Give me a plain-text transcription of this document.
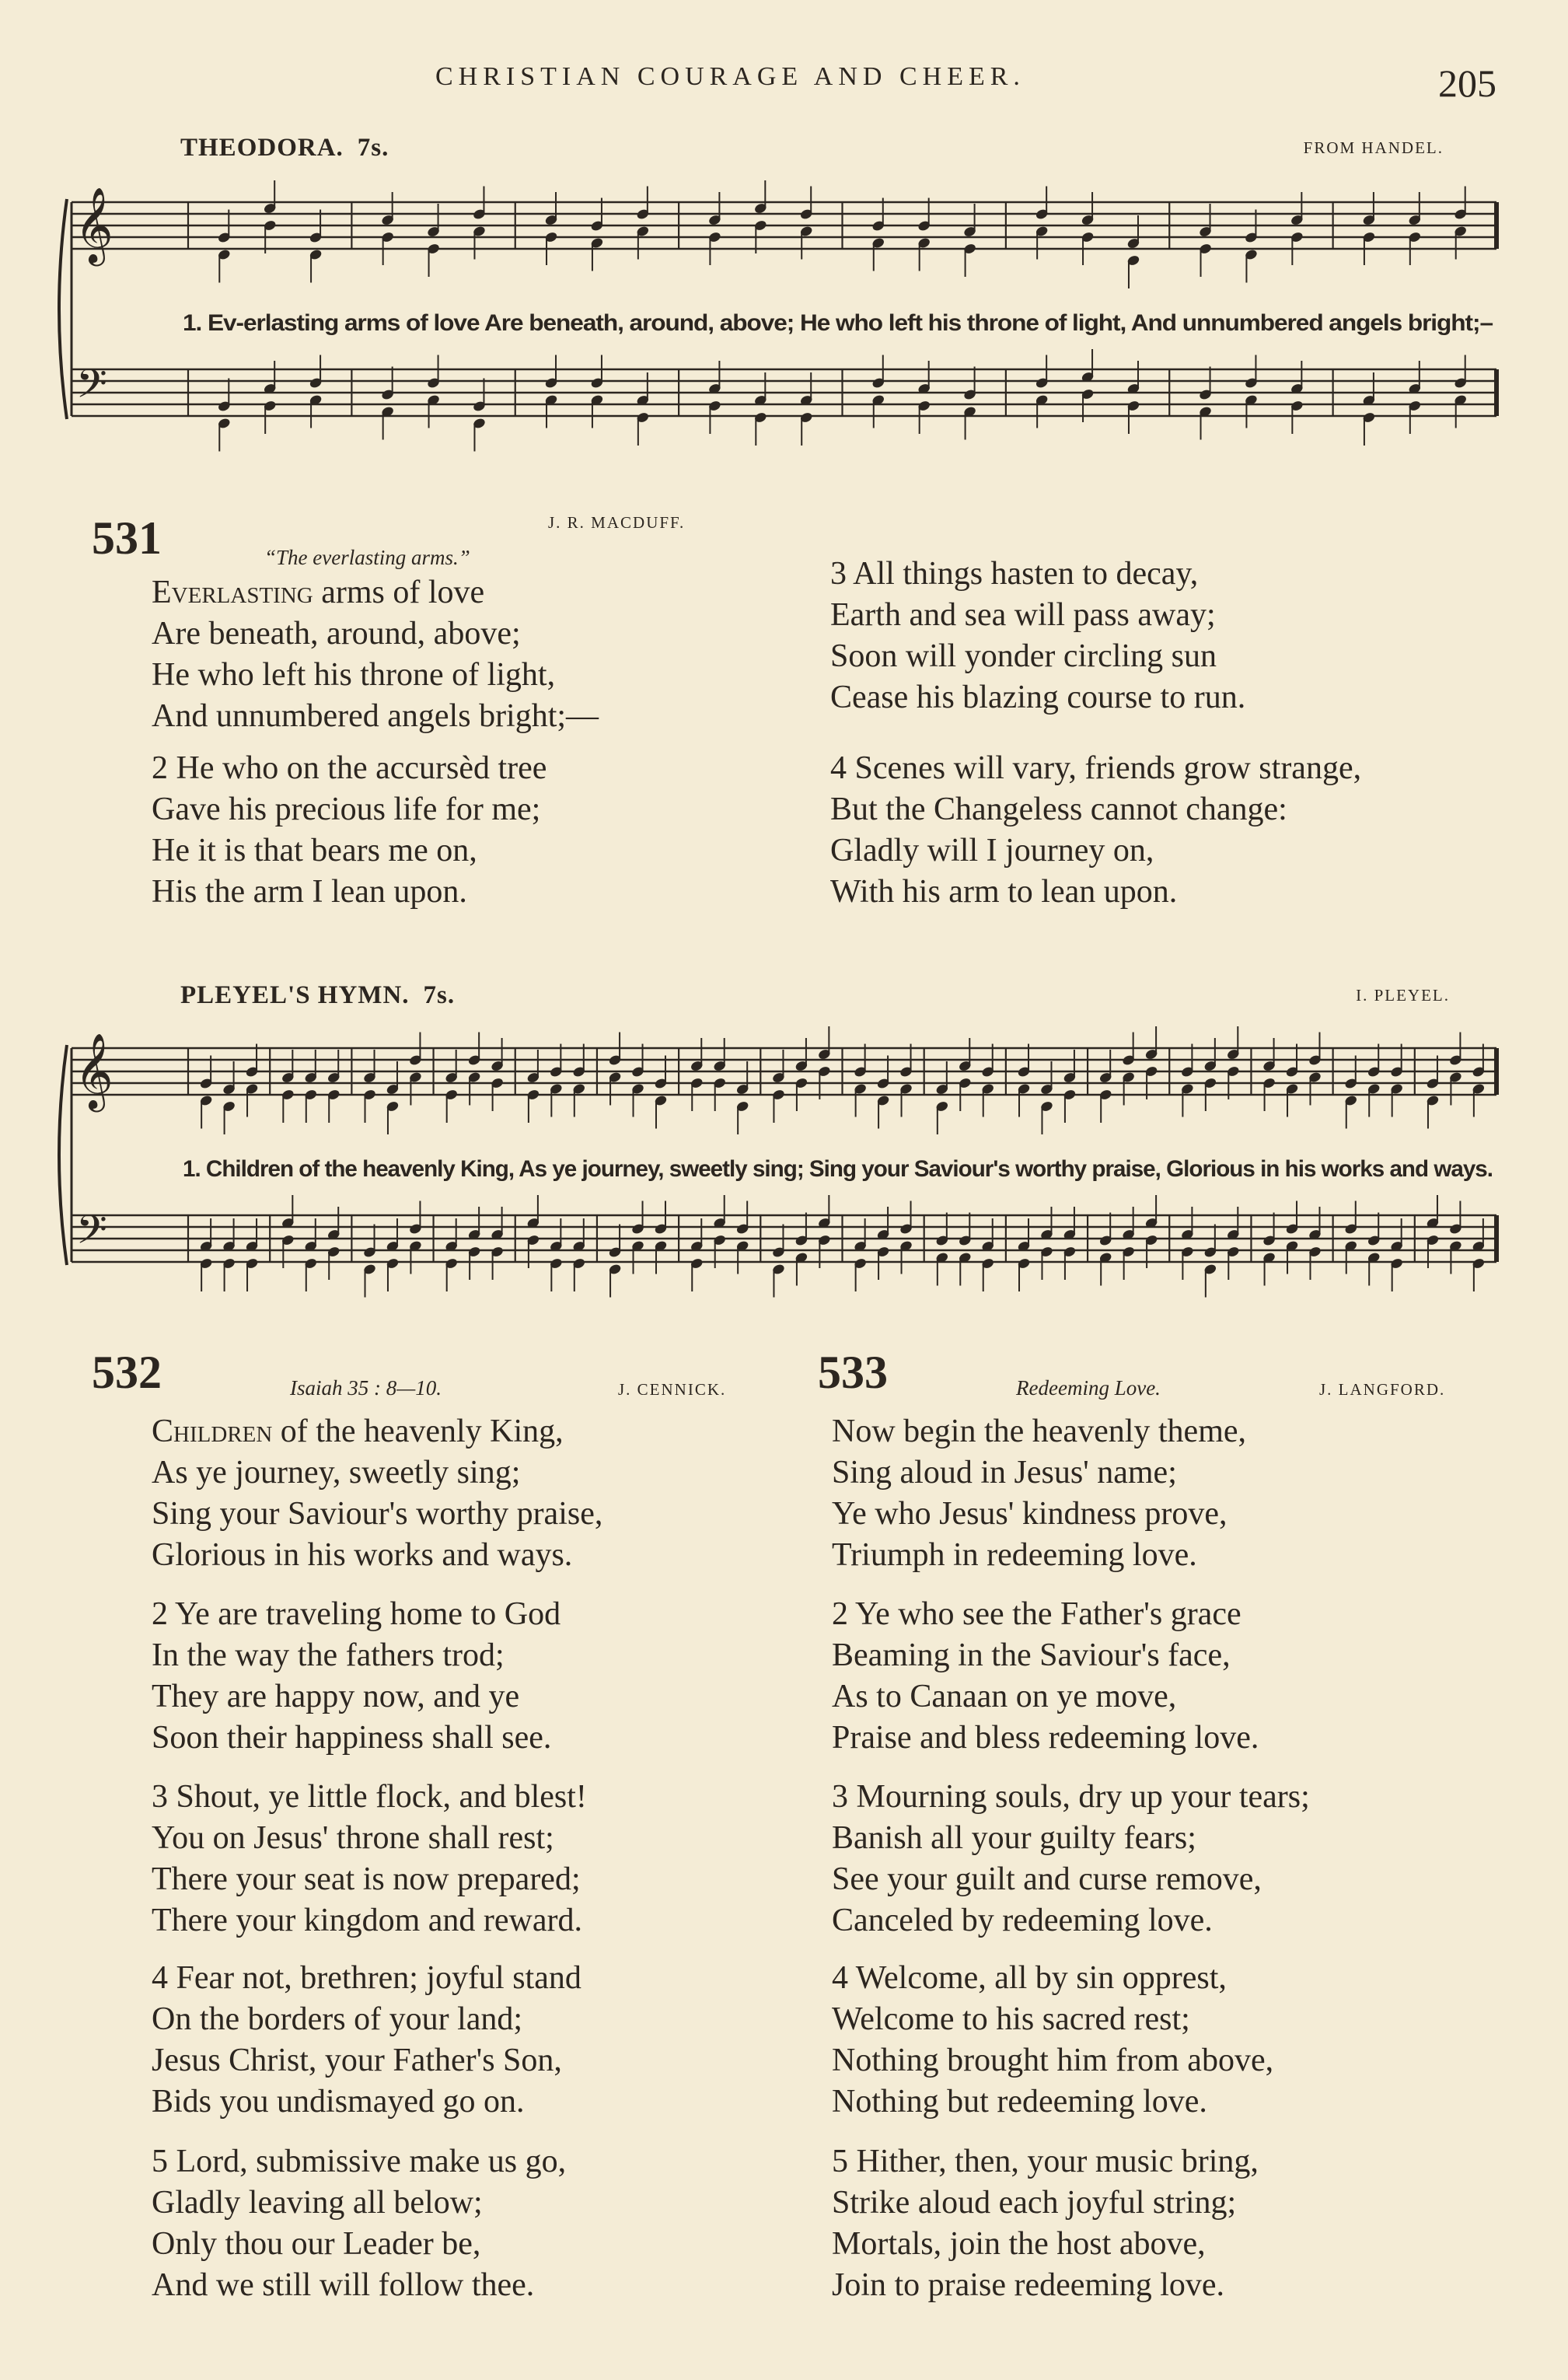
CHRISTIAN COURAGE AND CHEER.	205
THEODORA. 7s.	FROM HANDEL.
𝄞
𝄢
1. Ev-erlasting arms of love Are beneath, around, above; He who left his throne of light, And unnumbered angels bright;–
531	J. R. MACDUFF.
“The everlasting arms.”
Everlasting arms of love
Are beneath, around, above;
He who left his throne of light,
And unnumbered angels bright;—
2 He who on the accursèd tree
Gave his precious life for me;
He it is that bears me on,
His the arm I lean upon.
3 All things hasten to decay,
Earth and sea will pass away;
Soon will yonder circling sun
Cease his blazing course to run.
4 Scenes will vary, friends grow strange,
But the Changeless cannot change:
Gladly will I journey on,
With his arm to lean upon.
PLEYEL'S HYMN. 7s.	I. PLEYEL.
𝄞
𝄢
1. Children of the heavenly King, As ye journey, sweetly sing; Sing your Saviour's worthy praise, Glorious in his works and ways.
532	Isaiah 35 : 8—10.	J. CENNICK.
Children of the heavenly King,
As ye journey, sweetly sing;
Sing your Saviour's worthy praise,
Glorious in his works and ways.
2 Ye are traveling home to God
In the way the fathers trod;
They are happy now, and ye
Soon their happiness shall see.
3 Shout, ye little flock, and blest!
You on Jesus' throne shall rest;
There your seat is now prepared;
There your kingdom and reward.
4 Fear not, brethren; joyful stand
On the borders of your land;
Jesus Christ, your Father's Son,
Bids you undismayed go on.
5 Lord, submissive make us go,
Gladly leaving all below;
Only thou our Leader be,
And we still will follow thee.
533	Redeeming Love.	J. LANGFORD.
Now begin the heavenly theme,
Sing aloud in Jesus' name;
Ye who Jesus' kindness prove,
Triumph in redeeming love.
2 Ye who see the Father's grace
Beaming in the Saviour's face,
As to Canaan on ye move,
Praise and bless redeeming love.
3 Mourning souls, dry up your tears;
Banish all your guilty fears;
See your guilt and curse remove,
Canceled by redeeming love.
4 Welcome, all by sin opprest,
Welcome to his sacred rest;
Nothing brought him from above,
Nothing but redeeming love.
5 Hither, then, your music bring,
Strike aloud each joyful string;
Mortals, join the host above,
Join to praise redeeming love.
